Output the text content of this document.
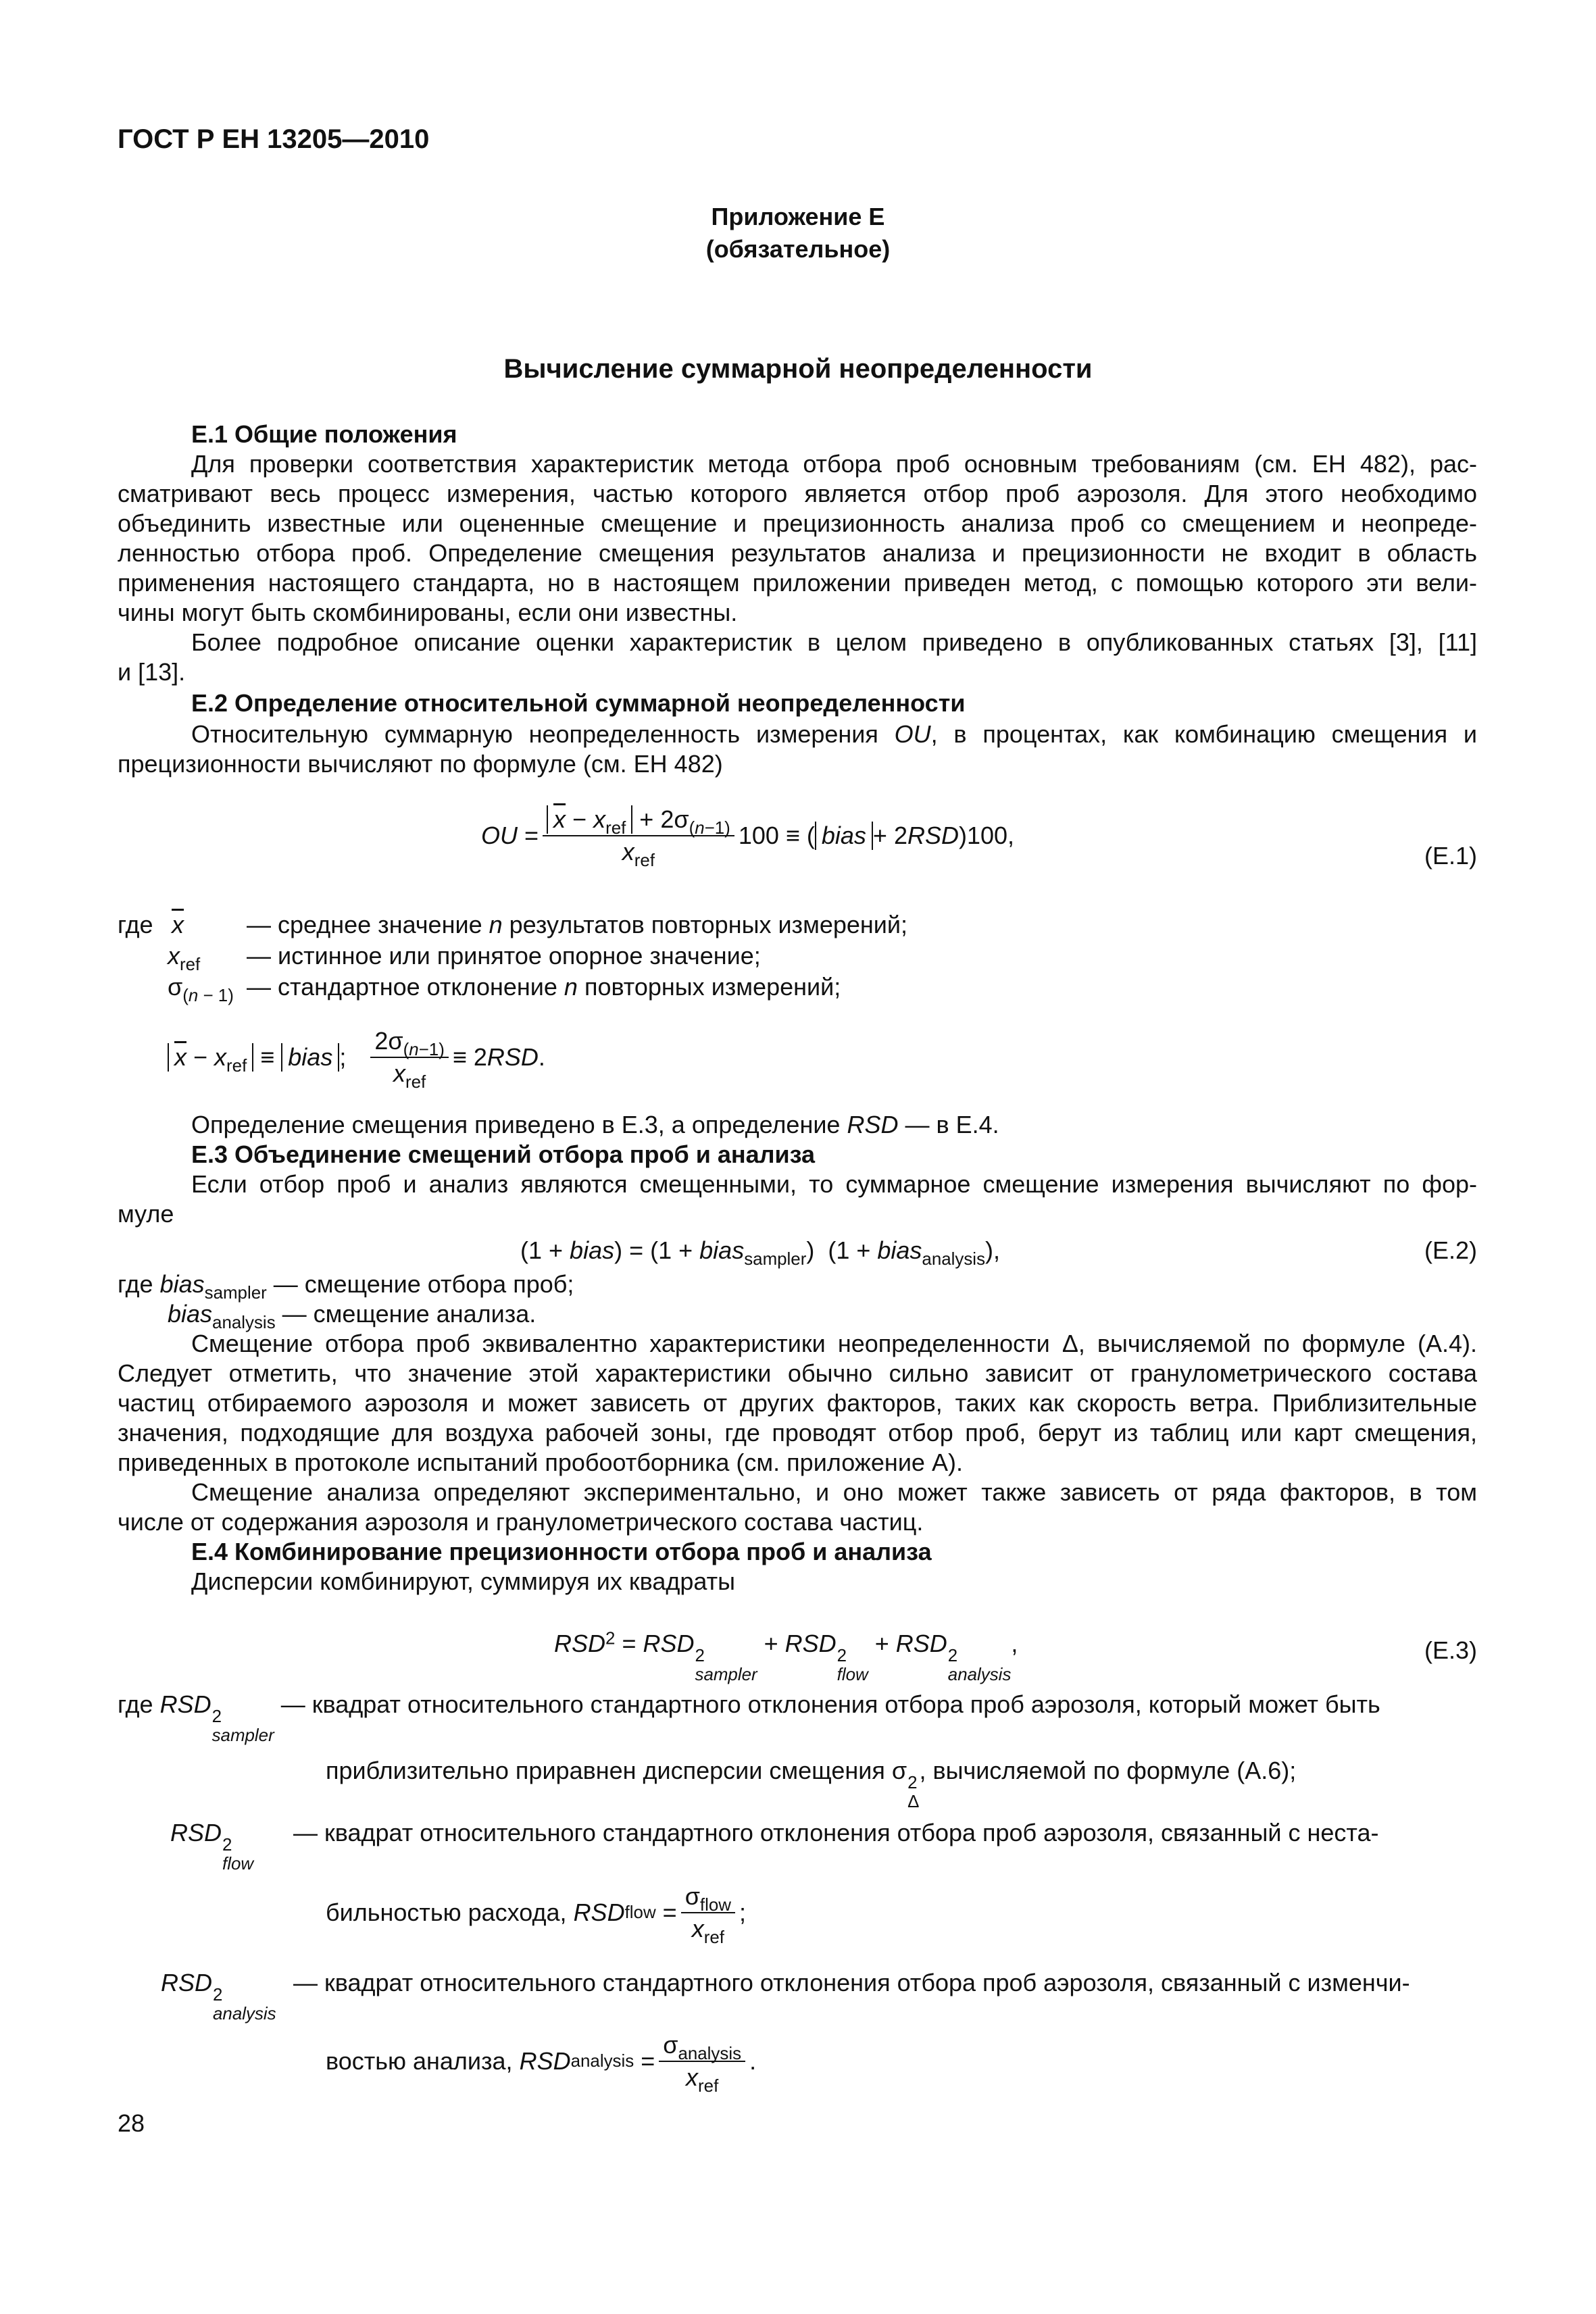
ГОСТ Р ЕН 13205—2010
Приложение Е
(обязательное)
Вычисление суммарной неопределенности
Е.1 Общие положения
Для проверки соответствия характеристик метода отбора проб основным требованиям (см. ЕН 482), рас-
сматривают весь процесс измерения, частью которого является отбор проб аэрозоля. Для этого необходимо
объединить известные или оцененные смещение и прецизионность анализа проб со смещением и неопреде-
ленностью отбора проб. Определение смещения результатов анализа и прецизионности не входит в область
применения настоящего стандарта, но в настоящем приложении приведен метод, с помощью которого эти вели-
чины могут быть скомбинированы, если они известны.
Более подробное описание оценки характеристик в целом приведено в опубликованных статьях [3], [11]
и [13].
Е.2 Определение относительной суммарной неопределенности
Относительную суммарную неопределенность измерения OU, в процентах, как комбинацию смещения и
прецизионности вычисляют по формуле (см. ЕН 482)
OU = $\frac{\overline{x} - x_{ref} + 2\sigma_{(n-1)}}{x_{ref}} 100$ ≡ ( bias + 2 RSD )100,
(Е.1)
где $\overline{x}$	— среднее значение n результатов повторных измерений;
$x_{ref}$ — истинное или принятое опорное значение;
$\sigma_{(n - 1)}$ — стандартное отклонение n повторных измерений;
$\overline{x} - x_{ref}$ ≡ bias ; $\frac{2\sigma_{(n-1)}}{x_{ref}} \equiv 2$ RSD .
Определение смещения приведено в Е.3, а определение RSD — в Е.4.
Е.3 Объединение смещений отбора проб и анализа
Если отбор проб и анализ являются смещенными, то суммарное смещение измерения вычисляют по фор-
муле
(1 + bias) = (1 + bias$_{sampler}$)  (1 + bias$_{analysis}$),	(Е.2)
где bias$_{sampler}$ — смещение отбора проб;
bias$_{analysis}$ — смещение анализа.
Смещение отбора проб эквивалентно характеристики неопределенности Δ, вычисляемой по формуле (А.4).
Следует отметить, что значение этой характеристики обычно сильно зависит от гранулометрического состава
частиц отбираемого аэрозоля и может зависеть от других факторов, таких как скорость ветра. Приблизительные
значения, подходящие для воздуха рабочей зоны, где проводят отбор проб, берут из таблиц или карт смещения,
приведенных в протоколе испытаний пробоотборника (см. приложение А).
Смещение анализа определяют экспериментально, и оно может также зависеть от ряда факторов, в том
числе от содержания аэрозоля и гранулометрического состава частиц.
Е.4 Комбинирование прецизионности отбора проб и анализа
Дисперсии комбинируют, суммируя их квадраты
$RSD^2$ = RSD 2
sampler
+ RSD 2
flow
+ RSD 2
analysis
,	(Е.3)
где RSD 2
sampler
— квадрат относительного стандартного отклонения отбора проб аэрозоля, который может быть
приблизительно приравнен дисперсии смещения σ 2
Δ
, вычисляемой по формуле (А.6);
RSD 2
flow
— квадрат относительного стандартного отклонения отбора проб аэрозоля, связанный с неста-
бильностью расхода,
RSD flow = $\frac{\sigma_{flow}}{x_{ref}}$ ;
RSD 2
analysis
— квадрат относительного стандартного отклонения отбора проб аэрозоля, связанный с изменчи-
востью анализа,
RSD analysis = $\frac{\sigma_{analysis}}{x_{ref}}$ .
28
